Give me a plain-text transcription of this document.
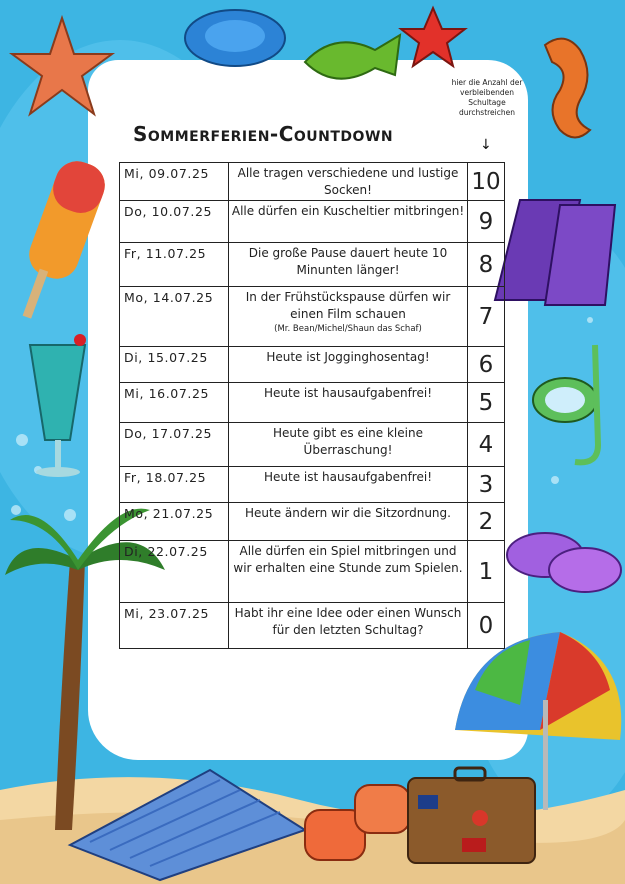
Sommerferien-Countdown
hier die Anzahl der verbleibenden Schultage durchstreichen
↓
Mi, 09.07.25	Alle tragen verschiedene und lustige Socken!	10
Do, 10.07.25	Alle dürfen ein Kuscheltier mitbringen!	9
Fr, 11.07.25	Die große Pause dauert heute 10 Minunten länger!	8
Mo, 14.07.25	In der Frühstückspause dürfen wir einen Film schauen
(Mr. Bean/Michel/Shaun das Schaf)	7
Di, 15.07.25	Heute ist Jogginghosentag!	6
Mi, 16.07.25	Heute ist hausaufgabenfrei!	5
Do, 17.07.25	Heute gibt es eine kleine Überraschung!	4
Fr, 18.07.25	Heute ist hausaufgabenfrei!	3
Mo, 21.07.25	Heute ändern wir die Sitzordnung.	2
Di, 22.07.25	Alle dürfen ein Spiel mitbringen und wir erhalten eine Stunde zum Spielen.	1
Mi, 23.07.25	Habt ihr eine Idee oder einen Wunsch für den letzten Schultag?	0
